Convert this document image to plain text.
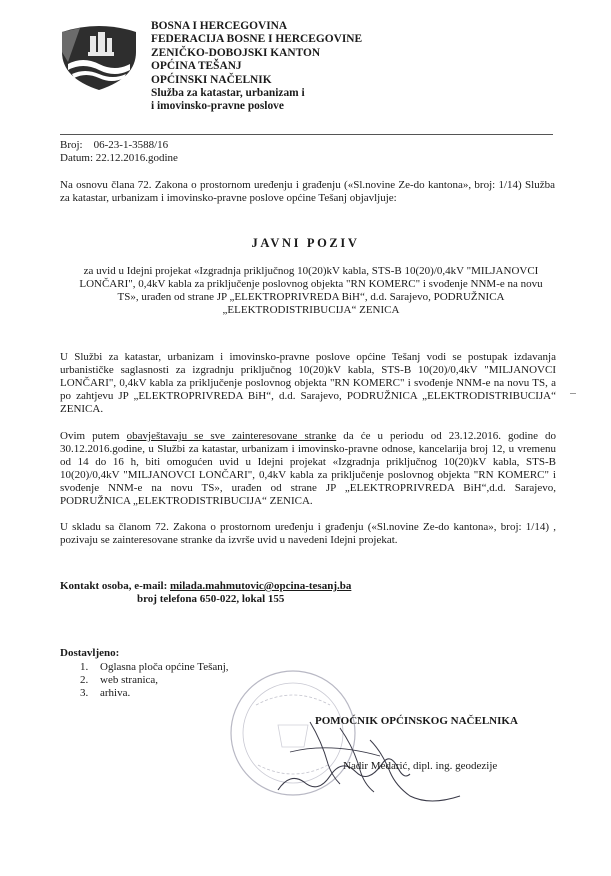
BOSNA I HERCEGOVINA
FEDERACIJA BOSNE I HERCEGOVINE
ZENIČKO-DOBOJSKI KANTON
OPĆINA TEŠANJ
OPĆINSKI NAČELNIK
Služba za katastar, urbanizam i
i imovinsko-pravne poslove
Broj: 06-23-1-3588/16
Datum: 22.12.2016.godine
Na osnovu člana 72. Zakona o prostornom uređenju i građenju («Sl.novine Ze-do kantona», broj: 1/14) Služba za katastar, urbanizam i imovinsko-pravne poslove općine Tešanj objavljuje:
JAVNI POZIV
za uvid u Idejni projekat «Izgradnja priključnog 10(20)kV kabla, STS-B 10(20)/0,4kV "MILJANOVCI
LONČARI", 0,4kV kabla za priključenje poslovnog objekta "RN KOMERC" i svođenje NNM-e na novu
TS», urađen od strane JP „ELEKTROPRIVREDA BiH“, d.d. Sarajevo, PODRUŽNICA
„ELEKTRODISTRIBUCIJA“ ZENICA
U Službi za katastar, urbanizam i imovinsko-pravne poslove općine Tešanj vodi se postupak izdavanja urbanističke saglasnosti za izgradnju priključnog 10(20)kV kabla, STS-B 10(20)/0,4kV "MILJANOVCI LONČARI", 0,4kV kabla za priključenje poslovnog objekta "RN KOMERC" i svođenje NNM-e na novu TS, a po zahtjevu JP „ELEKTROPRIVREDA BiH“, d.d. Sarajevo, PODRUŽNICA „ELEKTRODISTRIBUCIJA“ ZENICA.
Ovim putem obavještavaju se sve zainteresovane stranke da će u periodu od 23.12.2016. godine do 30.12.2016.godine, u Službi za katastar, urbanizam i imovinsko-pravne odnose, kancelarija broj 12, u vremenu od 14 do 16 h, biti omogućen uvid u Idejni projekat «Izgradnja priključnog 10(20)kV kabla, STS-B 10(20)/0,4kV "MILJANOVCI LONČARI", 0,4kV kabla za priključenje poslovnog objekta "RN KOMERC" i svođenje NNM-e na novu TS», urađen od strane JP „ELEKTROPRIVREDA BiH“,d.d. Sarajevo, PODRUŽNICA „ELEKTRODISTRIBUCIJA“ ZENICA.
U skladu sa članom 72. Zakona o prostornom uređenju i građenju («Sl.novine Ze-do kantona», broj: 1/14) , pozivaju se zainteresovane stranke da izvrše uvid u navedeni Idejni projekat.
Kontakt osoba, e-mail: milada.mahmutovic@opcina-tesanj.ba
broj telefona 650-022, lokal 155
Dostavljeno:
1. Oglasna ploča općine Tešanj,
2. web stranica,
3. arhiva.
POMOĆNIK OPĆINSKOG NAČELNIKA
Nadir Medarić, dipl. ing. geodezije
